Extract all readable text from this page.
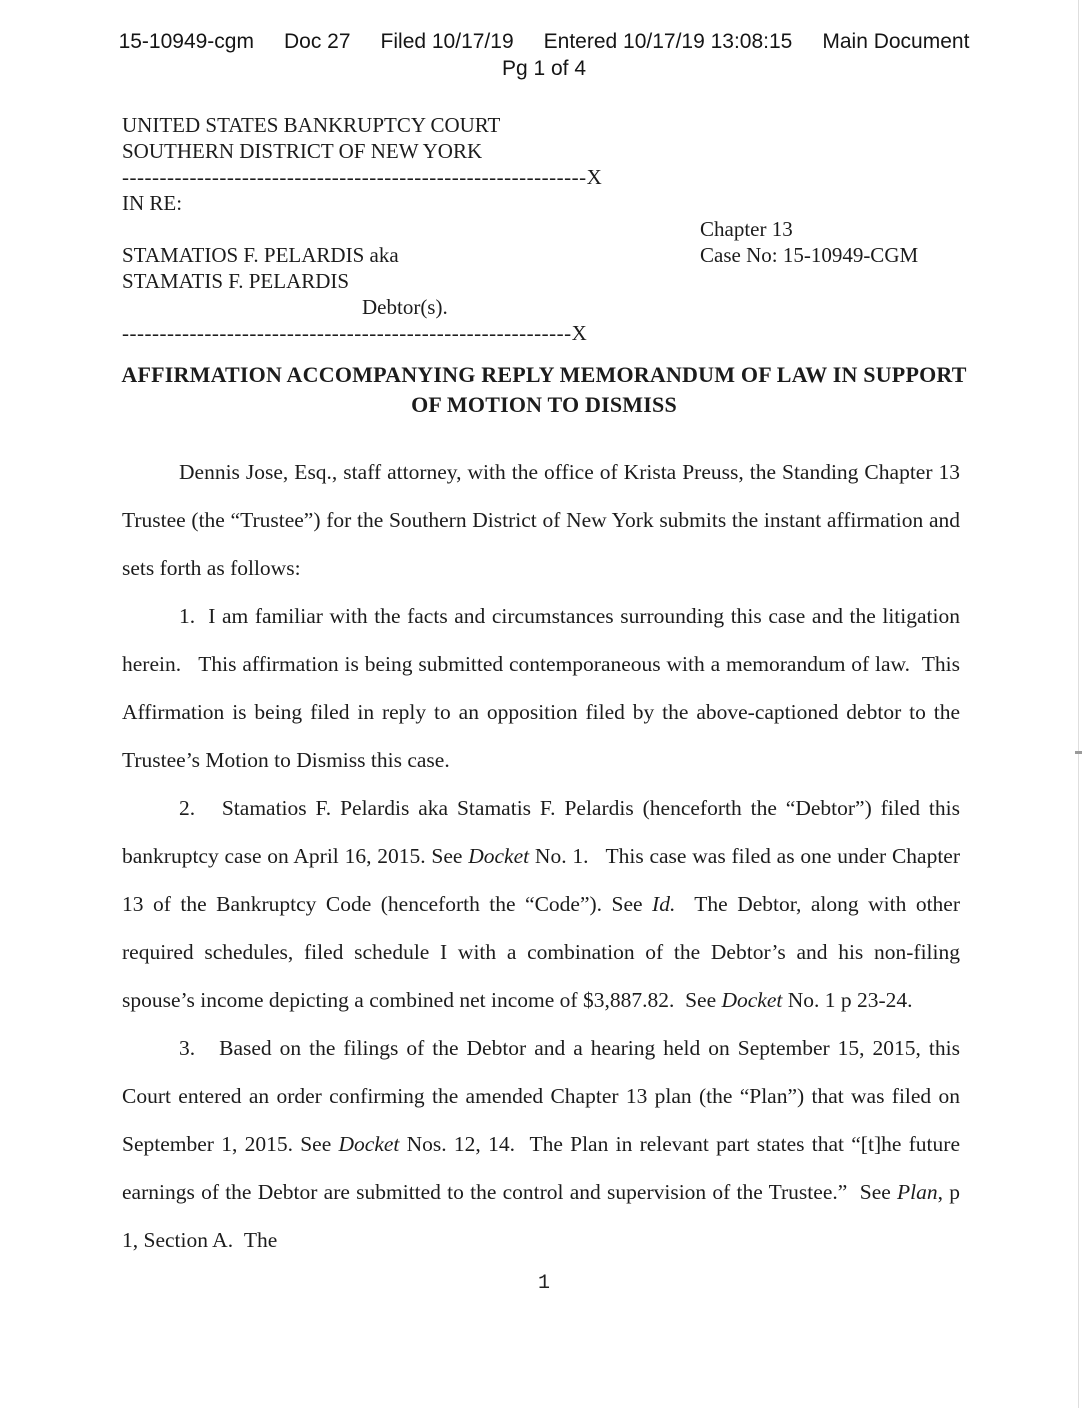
15-10949-cgm Doc 27 Filed 10/17/19 Entered 10/17/19 13:08:15 Main Document
Pg 1 of 4
UNITED STATES BANKRUPTCY COURT
SOUTHERN DISTRICT OF NEW YORK
--------------------------------------------------------------X
IN RE:

STAMATIOS F. PELARDIS aka
STAMATIS F. PELARDIS
Debtor(s).
------------------------------------------------------------X
Chapter 13
Case No: 15-10949-CGM
AFFIRMATION ACCOMPANYING REPLY MEMORANDUM OF LAW IN SUPPORT
OF MOTION TO DISMISS

Dennis Jose, Esq., staff attorney, with the office of Krista Preuss, the Standing Chapter 13 Trustee (the “Trustee”) for the Southern District of New York submits the instant affirmation and sets forth as follows:

1.  I am familiar with the facts and circumstances surrounding this case and the litigation herein.   This affirmation is being submitted contemporaneous with a memorandum of law.  This Affirmation is being filed in reply to an opposition filed by the above-captioned debtor to the Trustee’s Motion to Dismiss this case.

2.   Stamatios F. Pelardis aka Stamatis F. Pelardis (henceforth the “Debtor”) filed this bankruptcy case on April 16, 2015. See Docket No. 1.   This case was filed as one under Chapter 13 of the Bankruptcy Code (henceforth the “Code”). See Id.  The Debtor, along with other required schedules, filed schedule I with a combination of the Debtor’s and his non-filing spouse’s income depicting a combined net income of $3,887.82.  See Docket No. 1 p 23-24.

3.   Based on the filings of the Debtor and a hearing held on September 15, 2015, this Court entered an order confirming the amended Chapter 13 plan (the “Plan”) that was filed on September 1, 2015. See Docket Nos. 12, 14.  The Plan in relevant part states that “[t]he future earnings of the Debtor are submitted to the control and supervision of the Trustee.”  See Plan, p 1, Section A.  The

1
